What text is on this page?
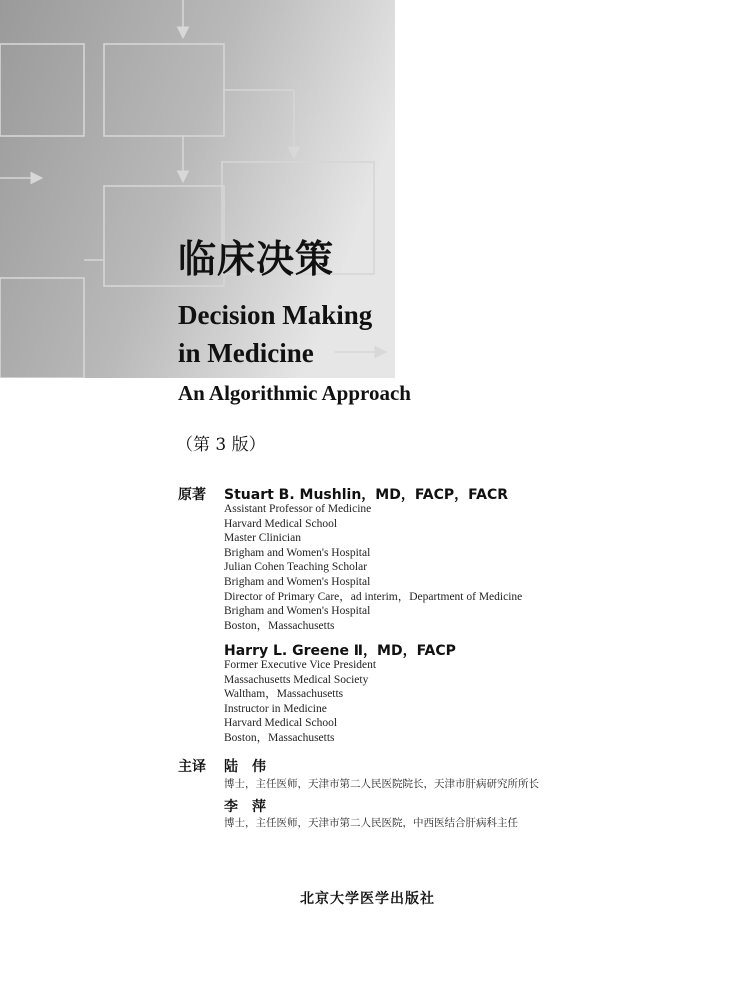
临床决策
Decision Making
in Medicine
An Algorithmic Approach
（第 3 版）
原著 Stuart B. Mushlin，MD，FACP，FACR
Assistant Professor of Medicine
Harvard Medical School
Master Clinician
Brigham and Women's Hospital
Julian Cohen Teaching Scholar
Brigham and Women's Hospital
Director of Primary Care，ad interim，Department of Medicine
Brigham and Women's Hospital
Boston，Massachusetts
Harry L. Greene Ⅱ，MD，FACP
Former Executive Vice President
Massachusetts Medical Society
Waltham，Massachusetts
Instructor in Medicine
Harvard Medical School
Boston，Massachusetts
主译 陆　伟
博士，主任医师，天津市第二人民医院院长，天津市肝病研究所所长
李　萍
博士，主任医师，天津市第二人民医院，中西医结合肝病科主任
北京大学医学出版社
